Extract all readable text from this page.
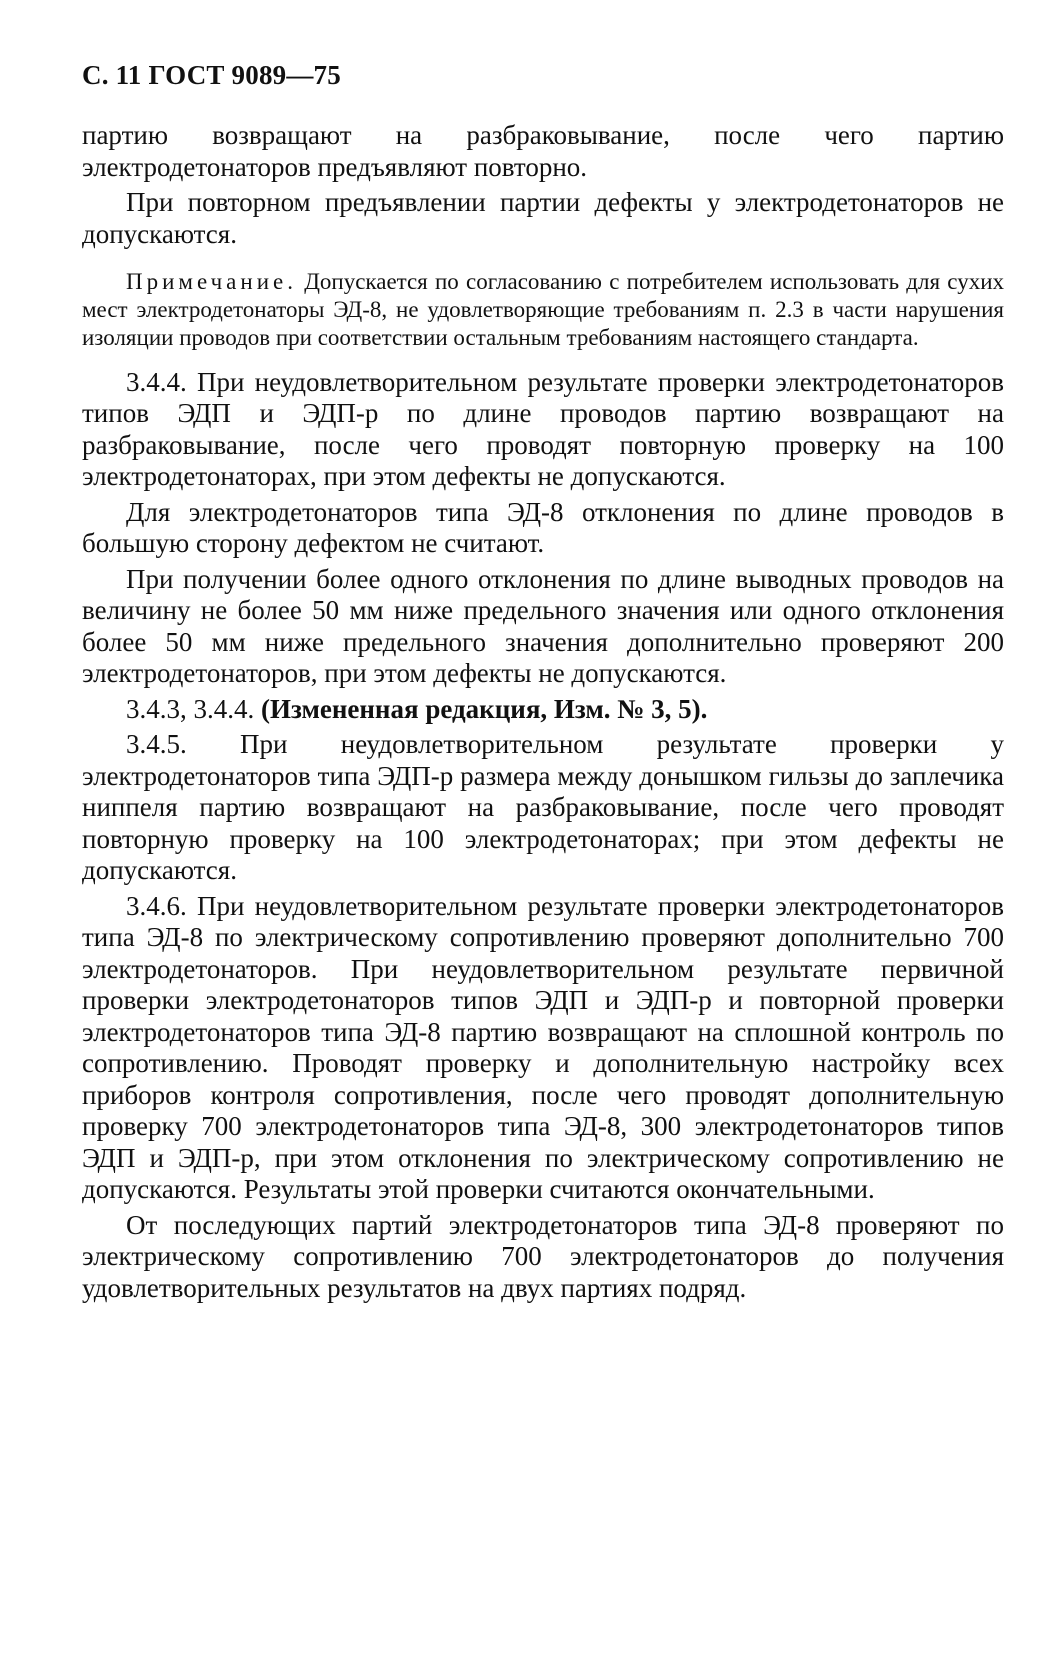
С. 11 ГОСТ 9089—75

партию возвращают на разбраковывание, после чего партию электродетонаторов предъявляют повторно.

При повторном предъявлении партии дефекты у электродетонаторов не допускаются.

Примечание. Допускается по согласованию с потребителем использовать для сухих мест электродетонаторы ЭД-8, не удовлетворяющие требованиям п. 2.3 в части нарушения изоляции проводов при соответствии остальным требованиям настоящего стандарта.

3.4.4. При неудовлетворительном результате проверки электродетонаторов типов ЭДП и ЭДП-р по длине проводов партию возвращают на разбраковывание, после чего проводят повторную проверку на 100 электродетонаторах, при этом дефекты не допускаются.

Для электродетонаторов типа ЭД-8 отклонения по длине проводов в большую сторону дефектом не считают.

При получении более одного отклонения по длине выводных проводов на величину не более 50 мм ниже предельного значения или одного отклонения более 50 мм ниже предельного значения дополнительно проверяют 200 электродетонаторов, при этом дефекты не допускаются.

3.4.3, 3.4.4. (Измененная редакция, Изм. № 3, 5).

3.4.5. При неудовлетворительном результате проверки у электродетонаторов типа ЭДП-р размера между донышком гильзы до заплечика ниппеля партию возвращают на разбраковывание, после чего проводят повторную проверку на 100 электродетонаторах; при этом дефекты не допускаются.

3.4.6. При неудовлетворительном результате проверки электродетонаторов типа ЭД-8 по электрическому сопротивлению проверяют дополнительно 700 электродетонаторов. При неудовлетворительном результате первичной проверки электродетонаторов типов ЭДП и ЭДП-р и повторной проверки электродетонаторов типа ЭД-8 партию возвращают на сплошной контроль по сопротивлению. Проводят проверку и дополнительную настройку всех приборов контроля сопротивления, после чего проводят дополнительную проверку 700 электродетонаторов типа ЭД-8, 300 электродетонаторов типов ЭДП и ЭДП-р, при этом отклонения по электрическому сопротивлению не допускаются. Результаты этой проверки считаются окончательными.

От последующих партий электродетонаторов типа ЭД-8 проверяют по электрическому сопротивлению 700 электродетонаторов до получения удовлетворительных результатов на двух партиях подряд.
